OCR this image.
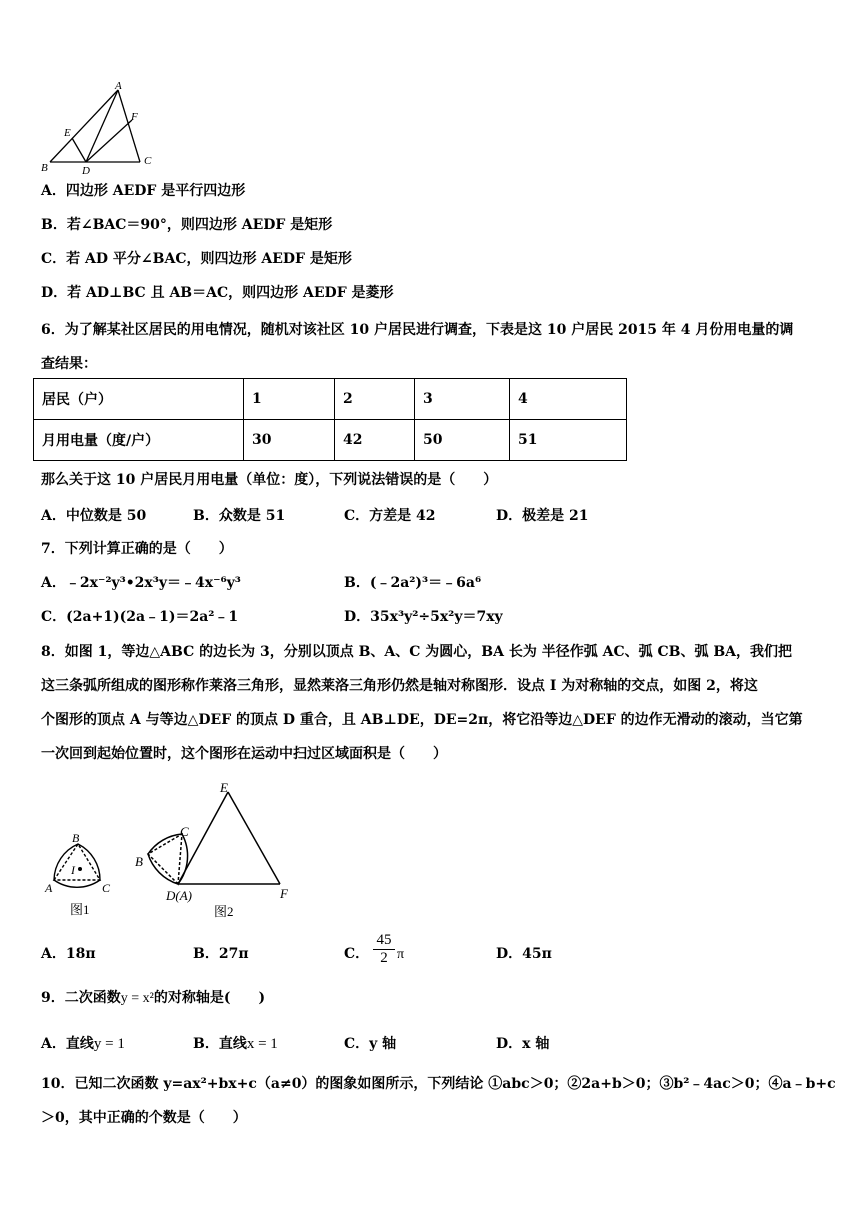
A
E
F
B	D
C
A．四边形 AEDF 是平行四边形
B．若∠BAC＝90°，则四边形 AEDF 是矩形
C．若 AD 平分∠BAC，则四边形 AEDF 是矩形
D．若 AD⊥BC 且 AB＝AC，则四边形 AEDF 是菱形
6．为了解某社区居民的用电情况，随机对该社区 10 户居民进行调查，下表是这 10 户居民 2015 年 4 月份用电量的调
查结果：
居民（户）	1	2	3	4
月用电量（度/户）	30	42	50	51
那么关于这 10 户居民月用电量（单位：度），下列说法错误的是（　　）
A．中位数是 50	B．众数是 51	C．方差是 42	D．极差是 21
7．下列计算正确的是（　　）
A．﹣2x⁻²y³•2x³y＝﹣4x⁻⁶y³	B．(﹣2a²)³＝﹣6a⁶
C．(2a+1)(2a﹣1)＝2a²﹣1	D．35x³y²÷5x²y＝7xy
8．如图 1，等边△ABC 的边长为 3，分别以顶点 B、A、C 为圆心，BA 长为 半径作弧 AC、弧 CB、弧 BA，我们把
这三条弧所组成的图形称作莱洛三角形，显然莱洛三角形仍然是轴对称图形．设点 I 为对称轴的交点，如图 2，将这
个图形的顶点 A 与等边△DEF 的顶点 D 重合，且 AB⊥DE，DE=2π，将它沿等边△DEF 的边作无滑动的滚动，当它第
一次回到起始位置时，这个图形在运动中扫过区域面积是（　　）
B
A	C
I
图1
E
C
B
F
D(A)
图2
A．18π	B．27π	C．
45
2 π	D．45π
9．二次函数y = x²的对称轴是(　　)
A．直线y = 1	B．直线x = 1	C．y 轴	D．x 轴
10．已知二次函数 y=ax²+bx+c（a≠0）的图象如图所示，下列结论 ①abc＞0；②2a+b＞0；③b²﹣4ac＞0；④a﹣b+c
＞0，其中正确的个数是（　　）
